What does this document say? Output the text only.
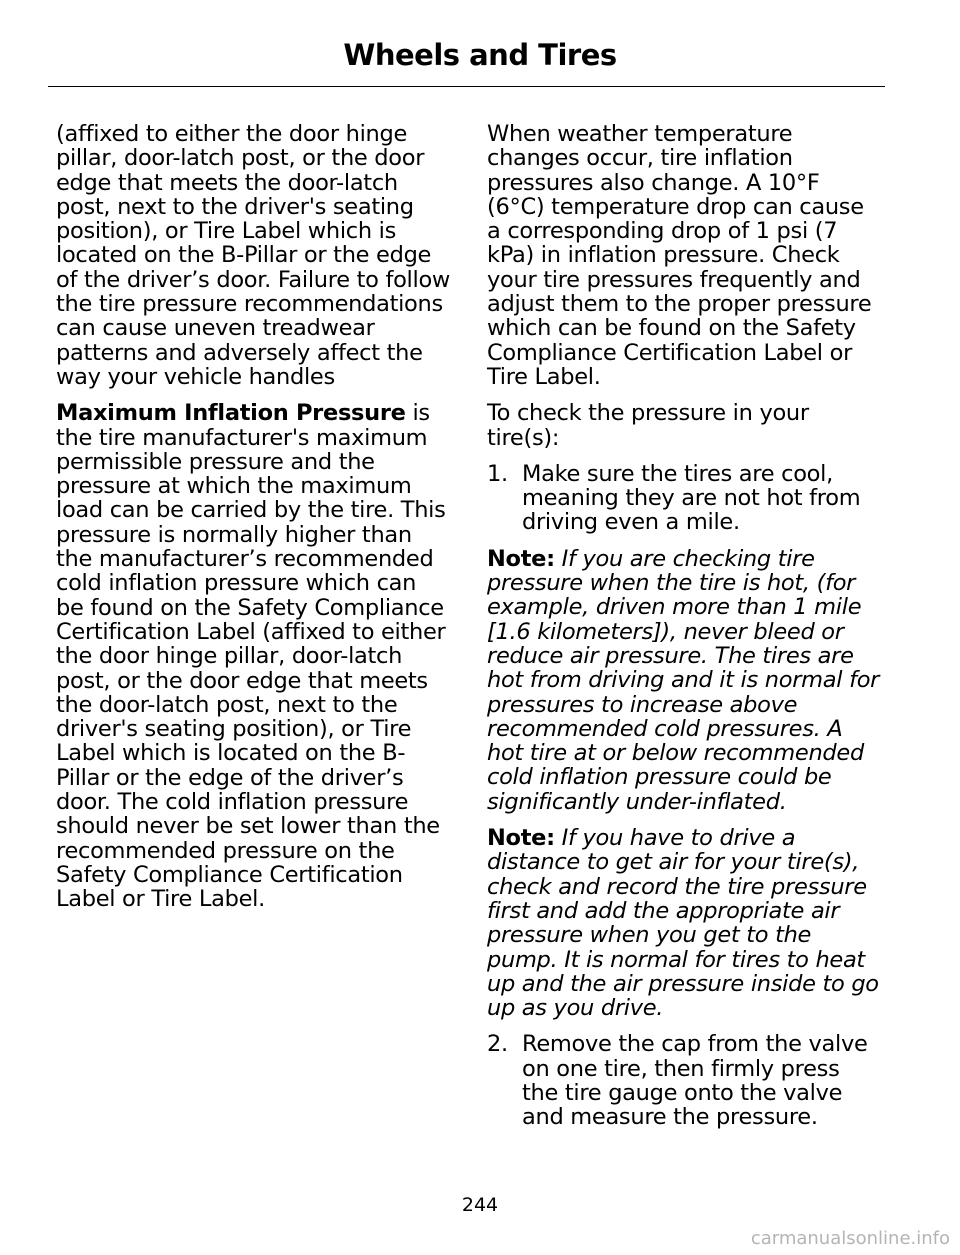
Wheels and Tires

(affixed to either the door hinge pillar, door-latch post, or the door edge that meets the door-latch post, next to the driver's seating position), or Tire Label which is located on the B-Pillar or the edge of the driver’s door. Failure to follow the tire pressure recommendations can cause uneven treadwear patterns and adversely affect the way your vehicle handles

Maximum Inflation Pressure is the tire manufacturer's maximum permissible pressure and the pressure at which the maximum load can be carried by the tire. This pressure is normally higher than the manufacturer’s recommended cold inflation pressure which can be found on the Safety Compliance Certification Label (affixed to either the door hinge pillar, door-latch post, or the door edge that meets the door-latch post, next to the driver's seating position), or Tire Label which is located on the B-Pillar or the edge of the driver’s door. The cold inflation pressure should never be set lower than the recommended pressure on the Safety Compliance Certification Label or Tire Label.

When weather temperature changes occur, tire inflation pressures also change. A 10°F (6°C) temperature drop can cause a corresponding drop of 1 psi (7 kPa) in inflation pressure. Check your tire pressures frequently and adjust them to the proper pressure which can be found on the Safety Compliance Certification Label or Tire Label.

To check the pressure in your tire(s):

1. Make sure the tires are cool, meaning they are not hot from driving even a mile.

Note: If you are checking tire pressure when the tire is hot, (for example, driven more than 1 mile [1.6 kilometers]), never bleed or reduce air pressure. The tires are hot from driving and it is normal for pressures to increase above recommended cold pressures. A hot tire at or below recommended cold inflation pressure could be significantly under-inflated.

Note: If you have to drive a distance to get air for your tire(s), check and record the tire pressure first and add the appropriate air pressure when you get to the pump. It is normal for tires to heat up and the air pressure inside to go up as you drive.

2. Remove the cap from the valve on one tire, then firmly press the tire gauge onto the valve and measure the pressure.
244
carmanualsonline.info
